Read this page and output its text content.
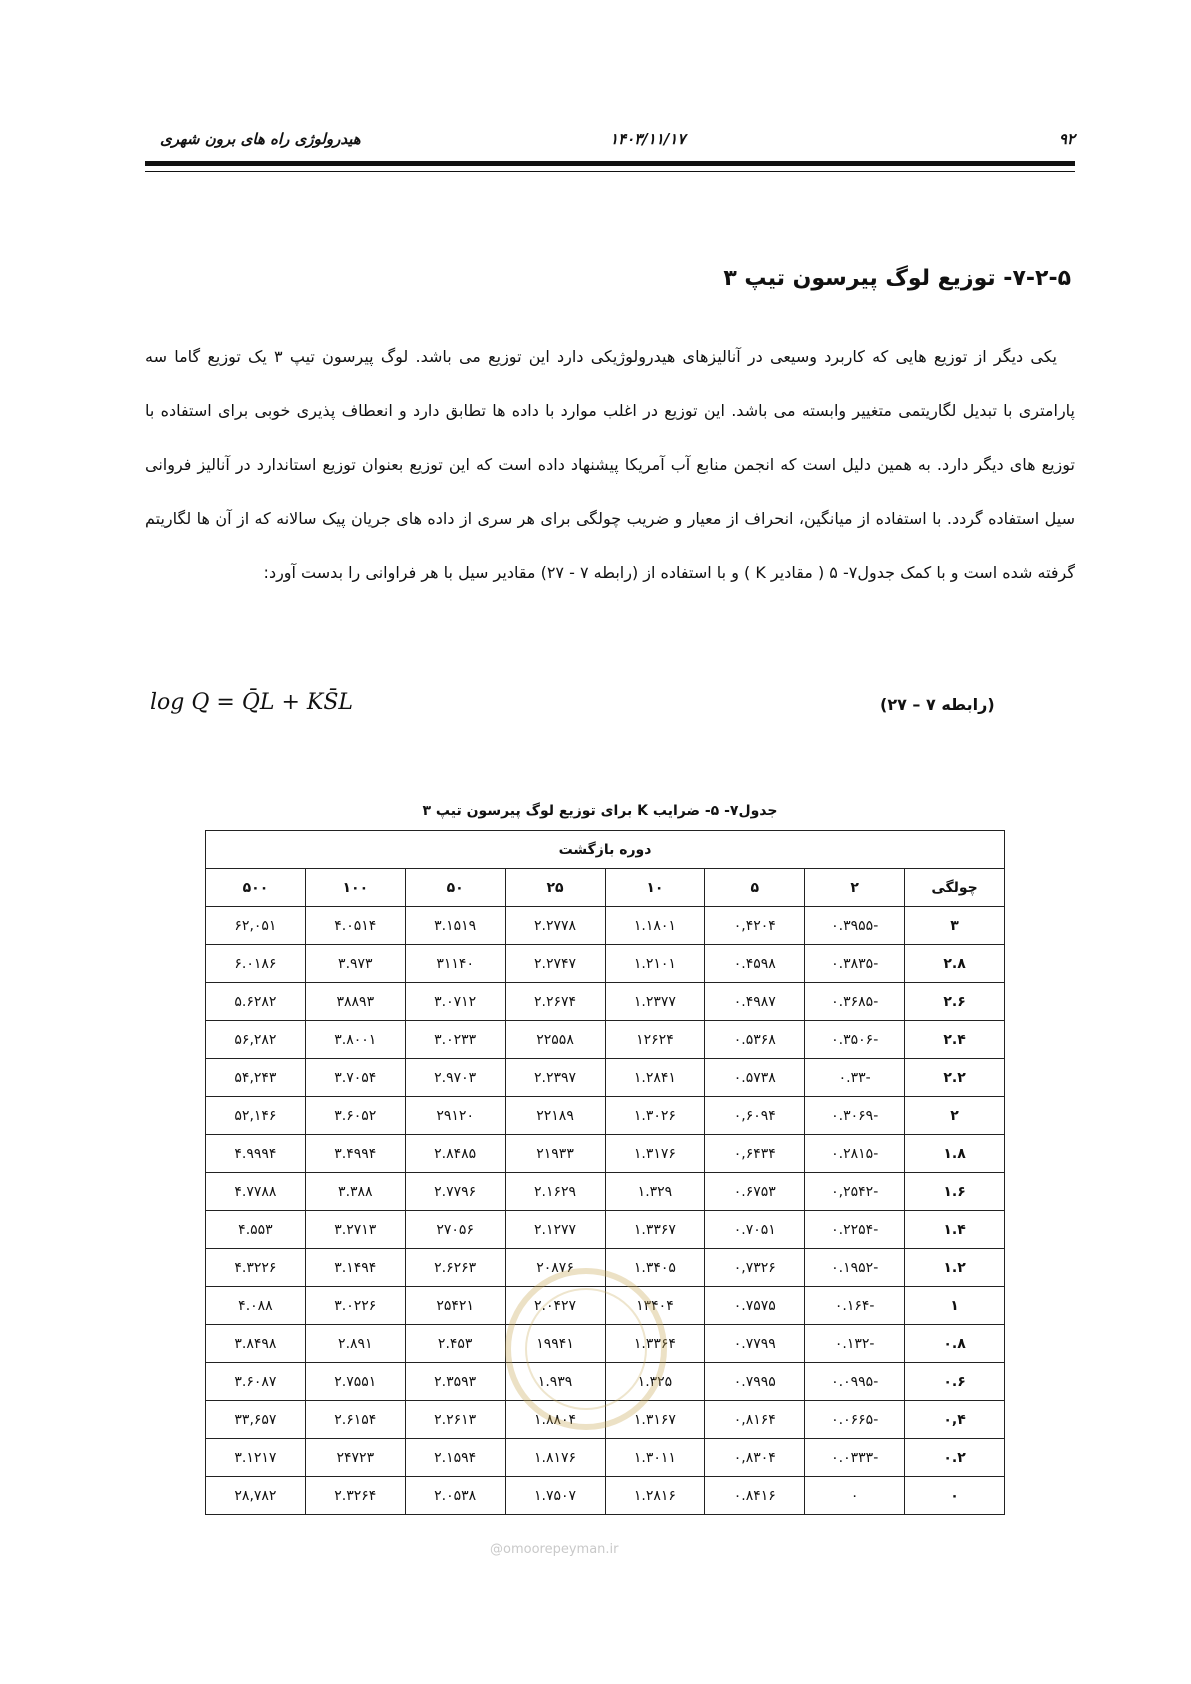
۹۲
۱۴۰۳/۱۱/۱۷
هیدرولوژی راه های برون شهری
۷-۲-۵- توزیع لوگ پیرسون تیپ ۳

یکی دیگر از توزیع هایی که کاربرد وسیعی در آنالیزهای هیدرولوژیکی دارد این توزیع می باشد. لوگ پیرسون تیپ ۳ یک توزیع گاما سه پارامتری با تبدیل لگاریتمی متغییر وابسته می باشد. این توزیع در اغلب موارد با داده ها تطابق دارد و انعطاف پذیری خوبی برای استفاده با توزیع های دیگر دارد. به همین دلیل است که انجمن منابع آب آمریکا پیشنهاد داده است که این توزیع بعنوان توزیع استاندارد در آنالیز فروانی سیل استفاده گردد. با استفاده از میانگین، انحراف از معیار و ضریب چولگی برای هر سری از داده های جریان پیک سالانه که از آن ها لگاریتم گرفته شده است و با کمک جدول۷- ۵ ( مقادیر K ) و با استفاده از (رابطه ۷ - ۲۷) مقادیر سیل با هر فراوانی را بدست آورد:

log Q = Q̄L + KS̄L	(رابطه ۷ – ۲۷)
جدول۷- ۵- ضرایب K برای توزیع لوگ پیرسون تیپ ۳
دوره بازگشت							
چولگی	۲	۵	۱۰	۲۵	۵۰	۱۰۰	۵۰۰
۳	-۰.۳۹۵۵	۰,۴۲۰۴	۱.۱۸۰۱	۲.۲۷۷۸	۳.۱۵۱۹	۴.۰۵۱۴	۶۲,۰۵۱
۲.۸	-۰.۳۸۳۵	۰.۴۵۹۸	۱.۲۱۰۱	۲.۲۷۴۷	۳۱۱۴۰	۳.۹۷۳	۶.۰۱۸۶
۲.۶	-۰.۳۶۸۵	۰.۴۹۸۷	۱.۲۳۷۷	۲.۲۶۷۴	۳.۰۷۱۲	۳۸۸۹۳	۵.۶۲۸۲
۲.۴	-۰.۳۵۰۶	۰.۵۳۶۸	۱۲۶۲۴	۲۲۵۵۸	۳.۰۲۳۳	۳.۸۰۰۱	۵۶,۲۸۲
۲.۲	-۰.۳۳	۰.۵۷۳۸	۱.۲۸۴۱	۲.۲۳۹۷	۲.۹۷۰۳	۳.۷۰۵۴	۵۴,۲۴۳
۲	-۰.۳۰۶۹	۰,۶۰۹۴	۱.۳۰۲۶	۲۲۱۸۹	۲۹۱۲۰	۳.۶۰۵۲	۵۲,۱۴۶
۱.۸	-۰.۲۸۱۵	۰,۶۴۳۴	۱.۳۱۷۶	۲۱۹۳۳	۲.۸۴۸۵	۳.۴۹۹۴	۴.۹۹۹۴
۱.۶	-۰,۲۵۴۲	۰.۶۷۵۳	۱.۳۲۹	۲.۱۶۲۹	۲.۷۷۹۶	۳.۳۸۸	۴.۷۷۸۸
۱.۴	-۰.۲۲۵۴	۰.۷۰۵۱	۱.۳۳۶۷	۲.۱۲۷۷	۲۷۰۵۶	۳.۲۷۱۳	۴.۵۵۳
۱.۲	-۰.۱۹۵۲	۰,۷۳۲۶	۱.۳۴۰۵	۲۰۸۷۶	۲.۶۲۶۳	۳.۱۴۹۴	۴.۳۲۲۶
۱	-۰.۱۶۴	۰.۷۵۷۵	۱۳۴۰۴	۲.۰۴۲۷	۲۵۴۲۱	۳.۰۲۲۶	۴.۰۸۸
۰.۸	-۰.۱۳۲	۰.۷۷۹۹	۱.۳۳۶۴	۱۹۹۴۱	۲.۴۵۳	۲.۸۹۱	۳.۸۴۹۸
۰.۶	-۰.۰۹۹۵	۰.۷۹۹۵	۱.۳۲۵	۱.۹۳۹	۲.۳۵۹۳	۲.۷۵۵۱	۳.۶۰۸۷
۰,۴	-۰.۰۶۶۵	۰,۸۱۶۴	۱.۳۱۶۷	۱.۸۸۰۴	۲.۲۶۱۳	۲.۶۱۵۴	۳۳,۶۵۷
۰.۲	-۰.۰۳۳۳	۰,۸۳۰۴	۱.۳۰۱۱	۱.۸۱۷۶	۲.۱۵۹۴	۲۴۷۲۳	۳.۱۲۱۷
۰	۰	۰.۸۴۱۶	۱.۲۸۱۶	۱.۷۵۰۷	۲.۰۵۳۸	۲.۳۲۶۴	۲۸,۷۸۲
@omoorepeyman.ir
